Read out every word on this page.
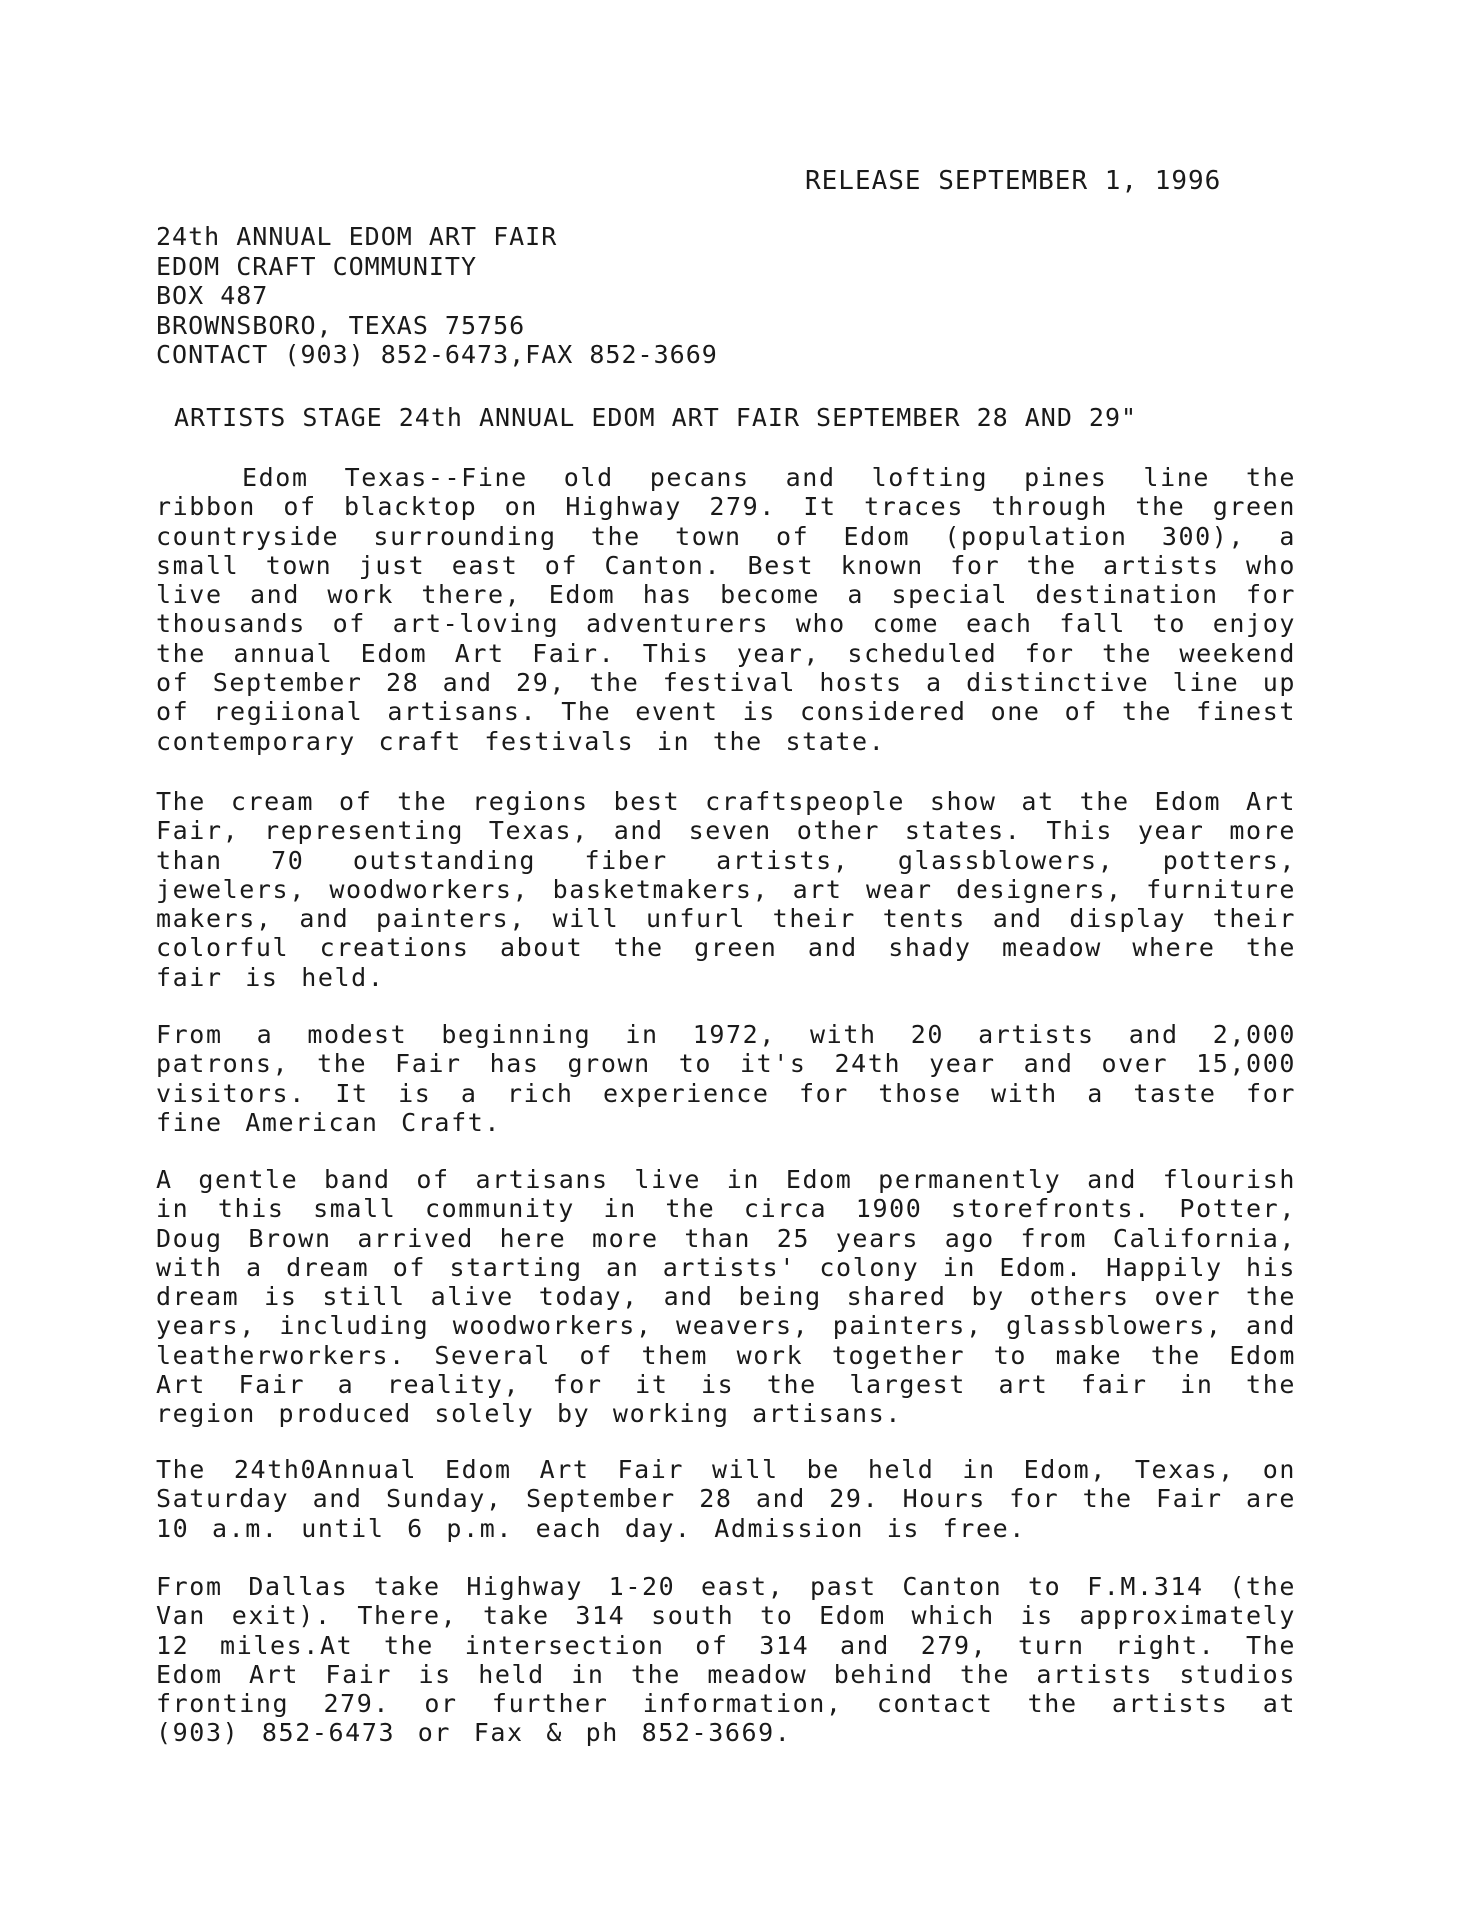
RELEASE SEPTEMBER 1, 1996
24th ANNUAL EDOM ART FAIR
EDOM CRAFT COMMUNITY
BOX 487
BROWNSBORO, TEXAS 75756
CONTACT (903) 852-6473,FAX 852-3669
ARTISTS STAGE 24th ANNUAL EDOM ART FAIR SEPTEMBER 28 AND 29"

Edom Texas--Fine old pecans and lofting pines line the ribbon of blacktop on Highway 279. It traces through the green countryside surrounding the town of Edom (population 300), a small town just east of Canton. Best known for the artists who live and work there, Edom has become a special destination for thousands of art-loving adventurers who come each fall to enjoy the annual Edom Art Fair. This year, scheduled for the weekend of September 28 and 29, the festival hosts a distinctive line up of regiional artisans. The event is considered one of the finest contemporary craft festivals in the state.

The cream of the regions best craftspeople show at the Edom Art Fair, representing Texas, and seven other states. This year more than 70 outstanding fiber artists, glassblowers, potters, jewelers, woodworkers, basketmakers, art wear designers, furniture makers, and painters, will unfurl their tents and display their colorful creations about the green and shady meadow where the fair is held.

From a modest beginning in 1972, with 20 artists and 2,000 patrons, the Fair has grown to it's 24th year and over 15,000 visitors. It is a rich experience for those with a taste for fine American Craft.

A gentle band of artisans live in Edom permanently and flourish in this small community in the circa 1900 storefronts. Potter, Doug Brown arrived here more than 25 years ago from California, with a dream of starting an artists' colony in Edom. Happily his dream is still alive today, and being shared by others over the years, including woodworkers, weavers, painters, glassblowers, and leatherworkers. Several of them work together to make the Edom Art Fair a reality, for it is the largest art fair in the region produced solely by working artisans.

The 24th0Annual Edom Art Fair will be held in Edom, Texas, on Saturday and Sunday, September 28 and 29. Hours for the Fair are 10 a.m. until 6 p.m. each day. Admission is free.

From Dallas take Highway 1-20 east, past Canton to F.M.314 (the Van exit). There, take 314 south to Edom which is approximately 12 miles.At the intersection of 314 and 279, turn right. The Edom Art Fair is held in the meadow behind the artists studios fronting 279. or further information, contact the artists at (903) 852-6473 or Fax & ph 852-3669.
